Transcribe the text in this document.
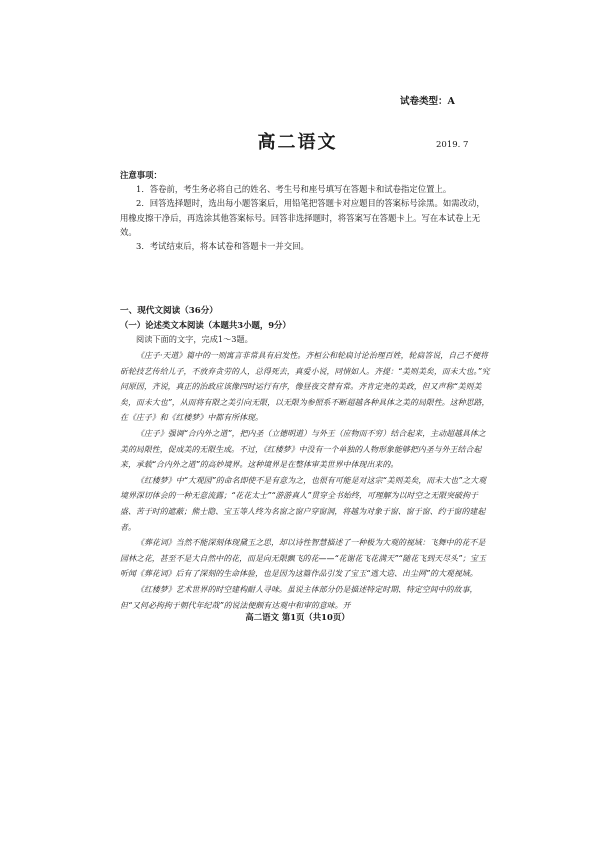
试卷类型：A
高二语文	2019. 7
注意事项：
1．答卷前，考生务必将自己的姓名、考生号和座号填写在答题卡和试卷指定位置上。
2．回答选择题时，选出每小题答案后，用铅笔把答题卡对应题目的答案标号涂黑。如需改动，用橡皮擦干净后，再选涂其他答案标号。回答非选择题时，将答案写在答题卡上。写在本试卷上无效。
3．考试结束后，将本试卷和答题卡一并交回。
一、现代文阅读（36分）
（一）论述类文本阅读（本题共3小题，9分）
阅读下面的文字，完成1～3题。

《庄子·天道》篇中的一则寓言非常具有启发性。齐桓公和轮扁讨论治理百姓，轮扁答说，自己不便将斫轮技艺传给儿子，不放弃贪劳的人，总得死去，真爱小说，同情如人。齐提：“美则美矣，而未大也。”究问原因，齐说，真正的治政应该像四时运行有序，像昼夜交替有常。齐肯定尧的美政，但又声称“美则美矣，而未大也”，从而将有限之美引向无限，以无限为参照系不断超越各种具体之美的局限性。这种思路，在《庄子》和《红楼梦》中都有所体现。

《庄子》强调“合内外之道”，把内圣（立德明道）与外王（应物而不穷）结合起来，主动超越具体之美的局限性，促成美的无限生成。不过，《红楼梦》中没有一个单独的人物形象能够把内圣与外王结合起来，承载“合内外之道”的高妙境界。这种境界是在整体审美世界中体现出来的。

《红楼梦》中“大观园”的命名即使不是有意为之，也很有可能是对这宗“美则美矣，而未大也”之大观境界深切体会的一种无意流露；“花花太士”“游游真人”贯穿全书始终，可理解为以时空之无限突破拘于盛、苦于时的遮蔽；熊士隐、宝玉等人终为名窗之窗户穿窗洞，将越为对象于窗、窗于窗、约于窗的建起者。

《葬花词》当然不能深刻体现黛玉之思，却以诗性智慧描述了一种极为大观的视域：飞舞中的花不是园林之花，甚至不是大自然中的花，而是向无限飘飞的花——“花谢花飞花满天”“随花飞到天尽头”；宝玉听闻《葬花词》后有了深刻的生命体验，也是因为这篇作品引发了宝玉“逃大造、出尘网”的大观视域。

《红楼梦》艺术世界的时空建构耐人寻味。虽说主体部分仍是描述特定时期、特定空间中的故事，但“又何必拘拘于朝代年纪哉”的说法便颇有达观中和审的意味。开

高二语文 第1页（共10页）
